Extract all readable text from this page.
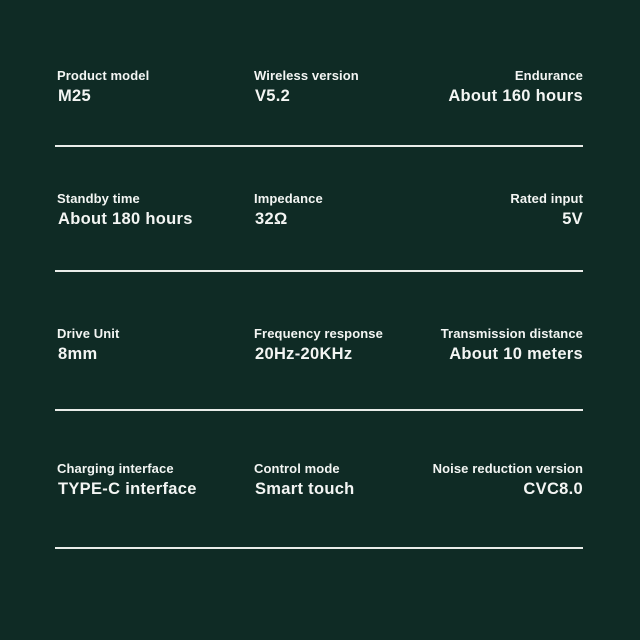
Product model
M25
Wireless version
V5.2
Endurance
About 160 hours
Standby time
About 180 hours
Impedance
32Ω
Rated input
5V
Drive Unit
8mm
Frequency response
20Hz-20KHz
Transmission distance
About 10 meters
Charging interface
TYPE-C interface
Control mode
Smart touch
Noise reduction version
CVC8.0
